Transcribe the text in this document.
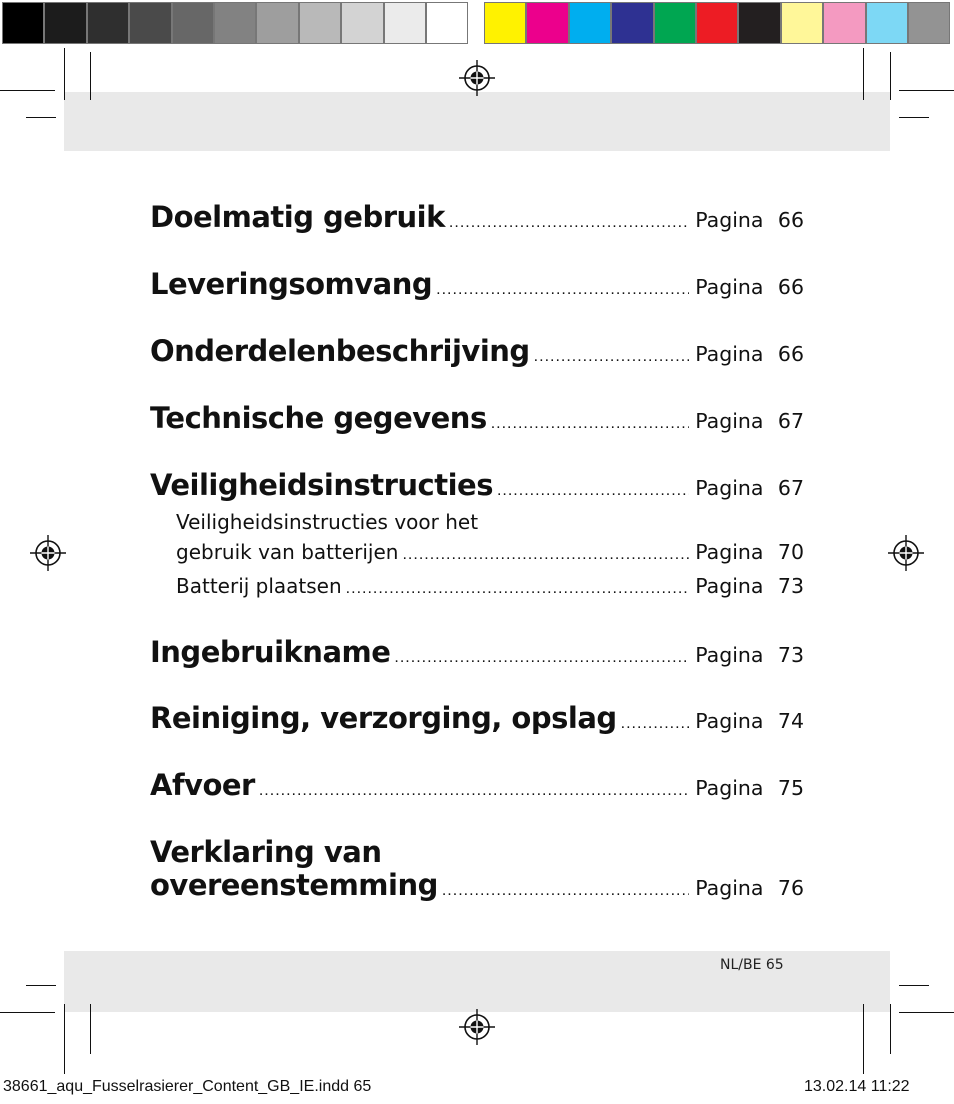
Doelmatig gebruik .....	Pagina 66
Leveringsomvang .....	Pagina 66
Onderdelenbeschrijving .....	Pagina 66
Technische gegevens .....	Pagina 67
Veiligheidsinstructies .....	Pagina 67
Veiligheidsinstructies voor het
gebruik van batterijen .....	Pagina 70
Batterij plaatsen .....	Pagina 73
Ingebruikname .....	Pagina 73
Reiniging, verzorging, opslag .....	Pagina 74
Afvoer .....	Pagina 75
Verklaring van
overeenstemming .....	Pagina 76
NL/BE 65
38661_aqu_Fusselrasierer_Content_GB_IE.indd 65	13.02.14 11:22
